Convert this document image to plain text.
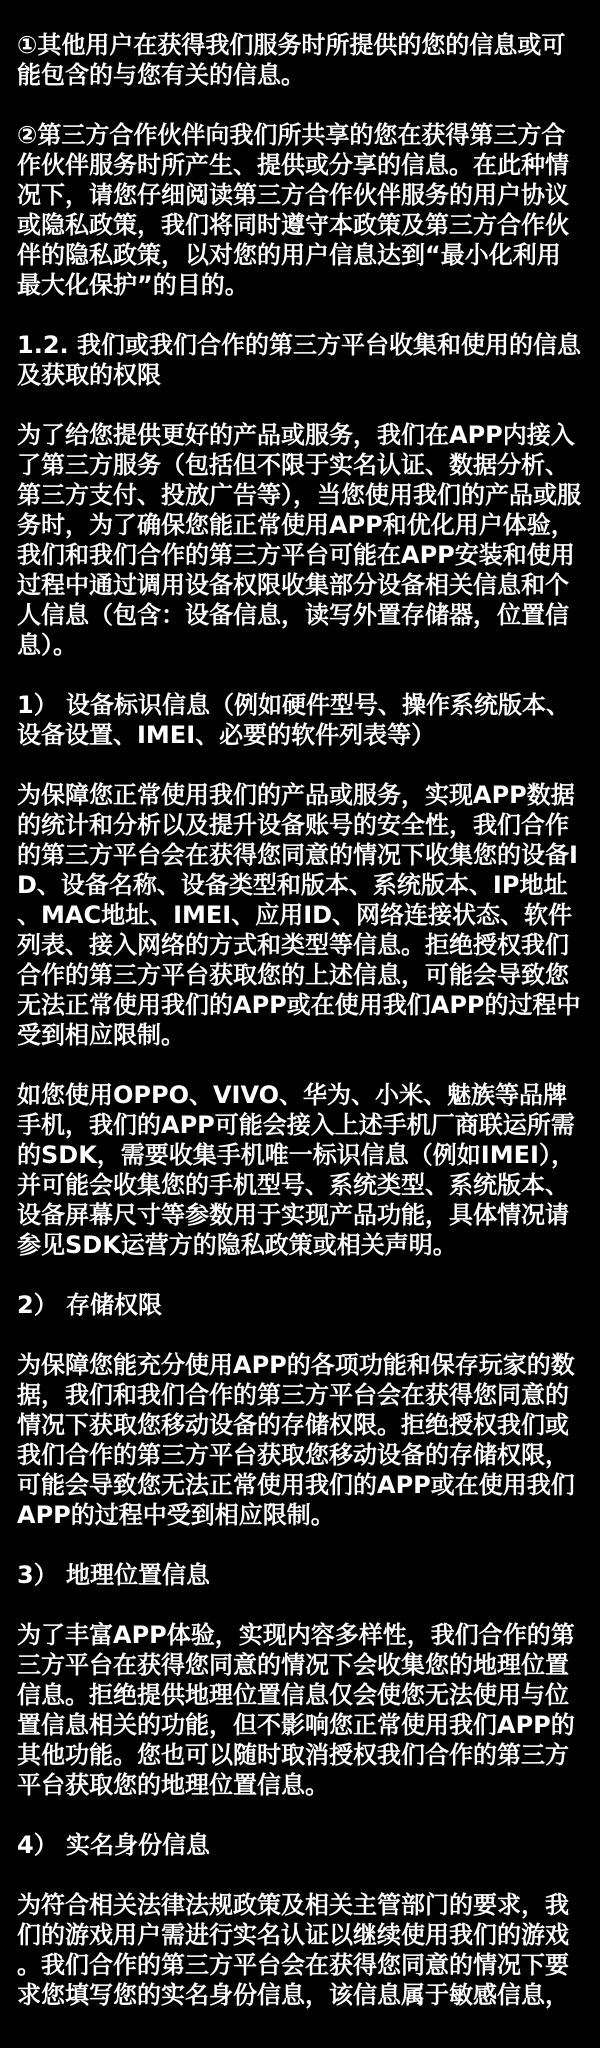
①其他用户在获得我们服务时所提供的您的信息或可能包含的与您有关的信息。

②第三方合作伙伴向我们所共享的您在获得第三方合作伙伴服务时所产生、提供或分享的信息。在此种情况下，请您仔细阅读第三方合作伙伴服务的用户协议或隐私政策，我们将同时遵守本政策及第三方合作伙伴的隐私政策，以对您的用户信息达到“最小化利用最大化保护”的目的。

1.2. 我们或我们合作的第三方平台收集和使用的信息及获取的权限

为了给您提供更好的产品或服务，我们在APP内接入了第三方服务（包括但不限于实名认证、数据分析、第三方支付、投放广告等），当您使用我们的产品或服务时，为了确保您能正常使用APP和优化用户体验，我们和我们合作的第三方平台可能在APP安装和使用过程中通过调用设备权限收集部分设备相关信息和个人信息（包含：设备信息，读写外置存储器，位置信息）。

1） 设备标识信息（例如硬件型号、操作系统版本、设备设置、IMEI、必要的软件列表等）

为保障您正常使用我们的产品或服务，实现APP数据的统计和分析以及提升设备账号的安全性，我们合作的第三方平台会在获得您同意的情况下收集您的设备ID、设备名称、设备类型和版本、系统版本、IP地址、MAC地址、IMEI、应用ID、网络连接状态、软件列表、接入网络的方式和类型等信息。拒绝授权我们合作的第三方平台获取您的上述信息，可能会导致您无法正常使用我们的APP或在使用我们APP的过程中受到相应限制。

如您使用OPPO、VIVO、华为、小米、魅族等品牌手机，我们的APP可能会接入上述手机厂商联运所需的SDK，需要收集手机唯一标识信息（例如IMEI），并可能会收集您的手机型号、系统类型、系统版本、设备屏幕尺寸等参数用于实现产品功能，具体情况请参见SDK运营方的隐私政策或相关声明。

2） 存储权限

为保障您能充分使用APP的各项功能和保存玩家的数据，我们和我们合作的第三方平台会在获得您同意的情况下获取您移动设备的存储权限。拒绝授权我们或我们合作的第三方平台获取您移动设备的存储权限，可能会导致您无法正常使用我们的APP或在使用我们APP的过程中受到相应限制。

3） 地理位置信息

为了丰富APP体验，实现内容多样性，我们合作的第三方平台在获得您同意的情况下会收集您的地理位置信息。拒绝提供地理位置信息仅会使您无法使用与位置信息相关的功能，但不影响您正常使用我们APP的其他功能。您也可以随时取消授权我们合作的第三方平台获取您的地理位置信息。

4） 实名身份信息

为符合相关法律法规政策及相关主管部门的要求，我们的游戏用户需进行实名认证以继续使用我们的游戏。我们合作的第三方平台会在获得您同意的情况下要求您填写您的实名身份信息，该信息属于敏感信息，
